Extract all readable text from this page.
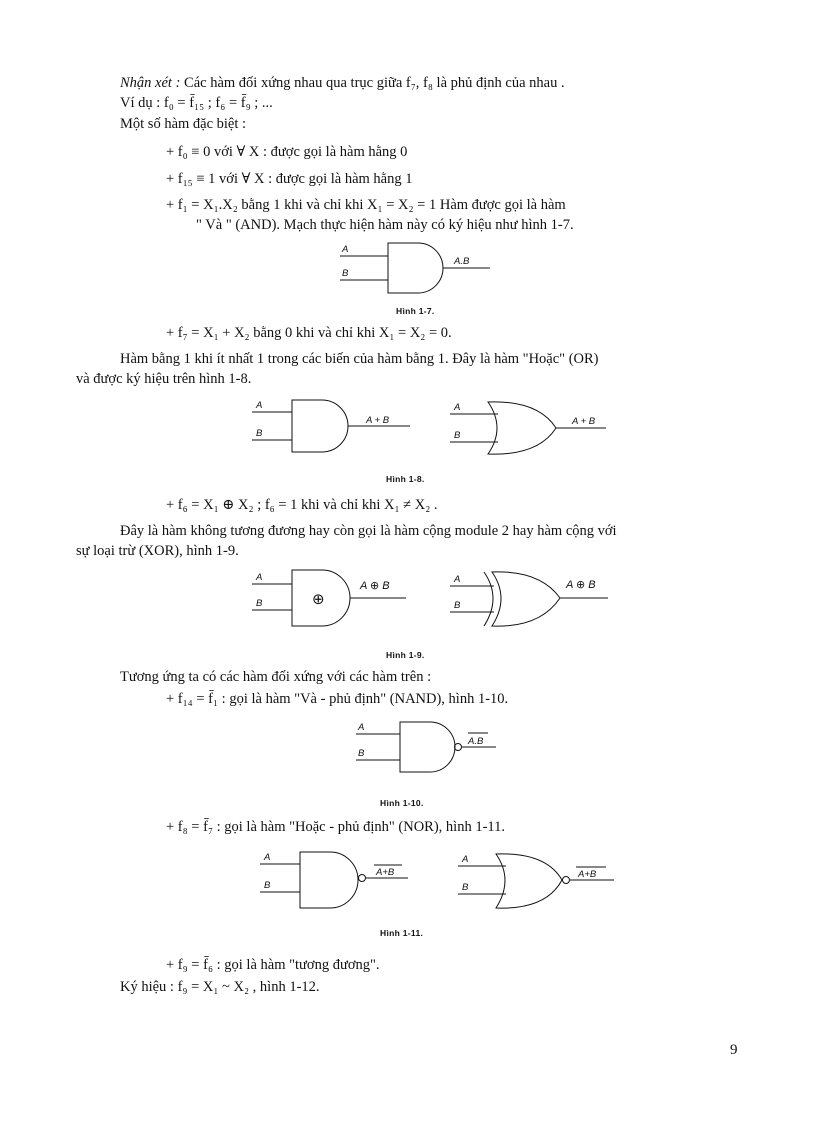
Nhận xét : Các hàm đối xứng nhau qua trục giữa f₇, f₈ là phủ định của nhau .
Ví dụ : f₀ = f̄₁₅ ; f₆ = f̄₉ ; ...
Một số hàm đặc biệt :
+ f₀ ≡ 0 với ∀ X : được gọi là hàm hằng 0
+ f₁₅ ≡ 1 với ∀ X : được gọi là hàm hằng 1
+ f₁ = X₁.X₂ bằng 1 khi và chỉ khi X₁ = X₂ = 1 Hàm được gọi là hàm
" Và " (AND). Mạch thực hiện hàm này có ký hiệu như hình 1-7.
A
B
A.B
Hình 1-7.
+ f₇ = X₁ + X₂ bằng 0 khi và chỉ khi X₁ = X₂ = 0.
Hàm bằng 1 khi ít nhất 1 trong các biến của hàm bằng 1. Đây là hàm "Hoặc" (OR)
và được ký hiệu trên hình 1-8.
A
B
A + B
A
B
A + B
Hình 1-8.
+ f₆ = X₁ ⊕ X₂ ; f₆ = 1 khi và chỉ khi X₁ ≠ X₂ .
Đây là hàm không tương đương hay còn gọi là hàm cộng module 2 hay hàm cộng với
sự loại trừ (XOR), hình 1-9.
⊕
A
B
A ⊕ B
A
B
A ⊕ B
Hình 1-9.
Tương ứng ta có các hàm đối xứng với các hàm trên :
+ f₁₄ = f̄₁ : gọi là hàm "Và - phủ định" (NAND), hình 1-10.
A
B
A.B
Hình 1-10.
+ f₈ = f̄₇ : gọi là hàm "Hoặc - phủ định" (NOR), hình 1-11.
A
B
A+B
A
B
A+B
Hình 1-11.
+ f₉ = f̄₆ : gọi là hàm "tương đương".
Ký hiệu : f₉ = X₁ ~ X₂ , hình 1-12.
9
